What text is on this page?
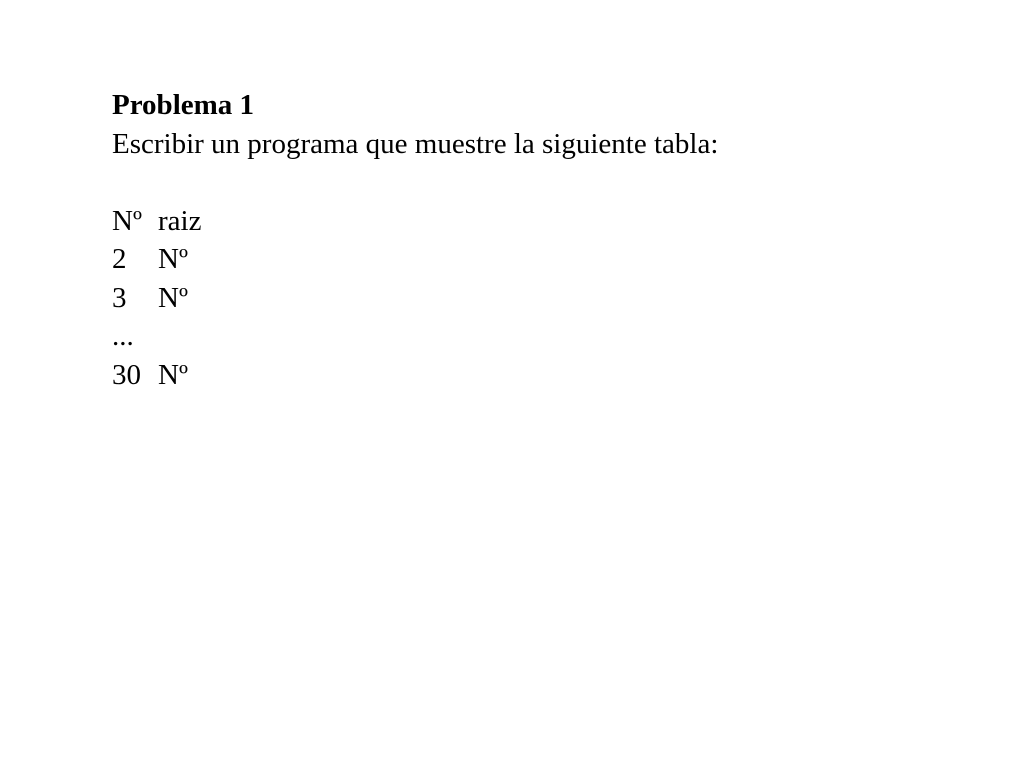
Problema 1

Escribir un programa que muestre la siguiente tabla:

Nº raiz
2	Nº
3	Nº
...
30 Nº
